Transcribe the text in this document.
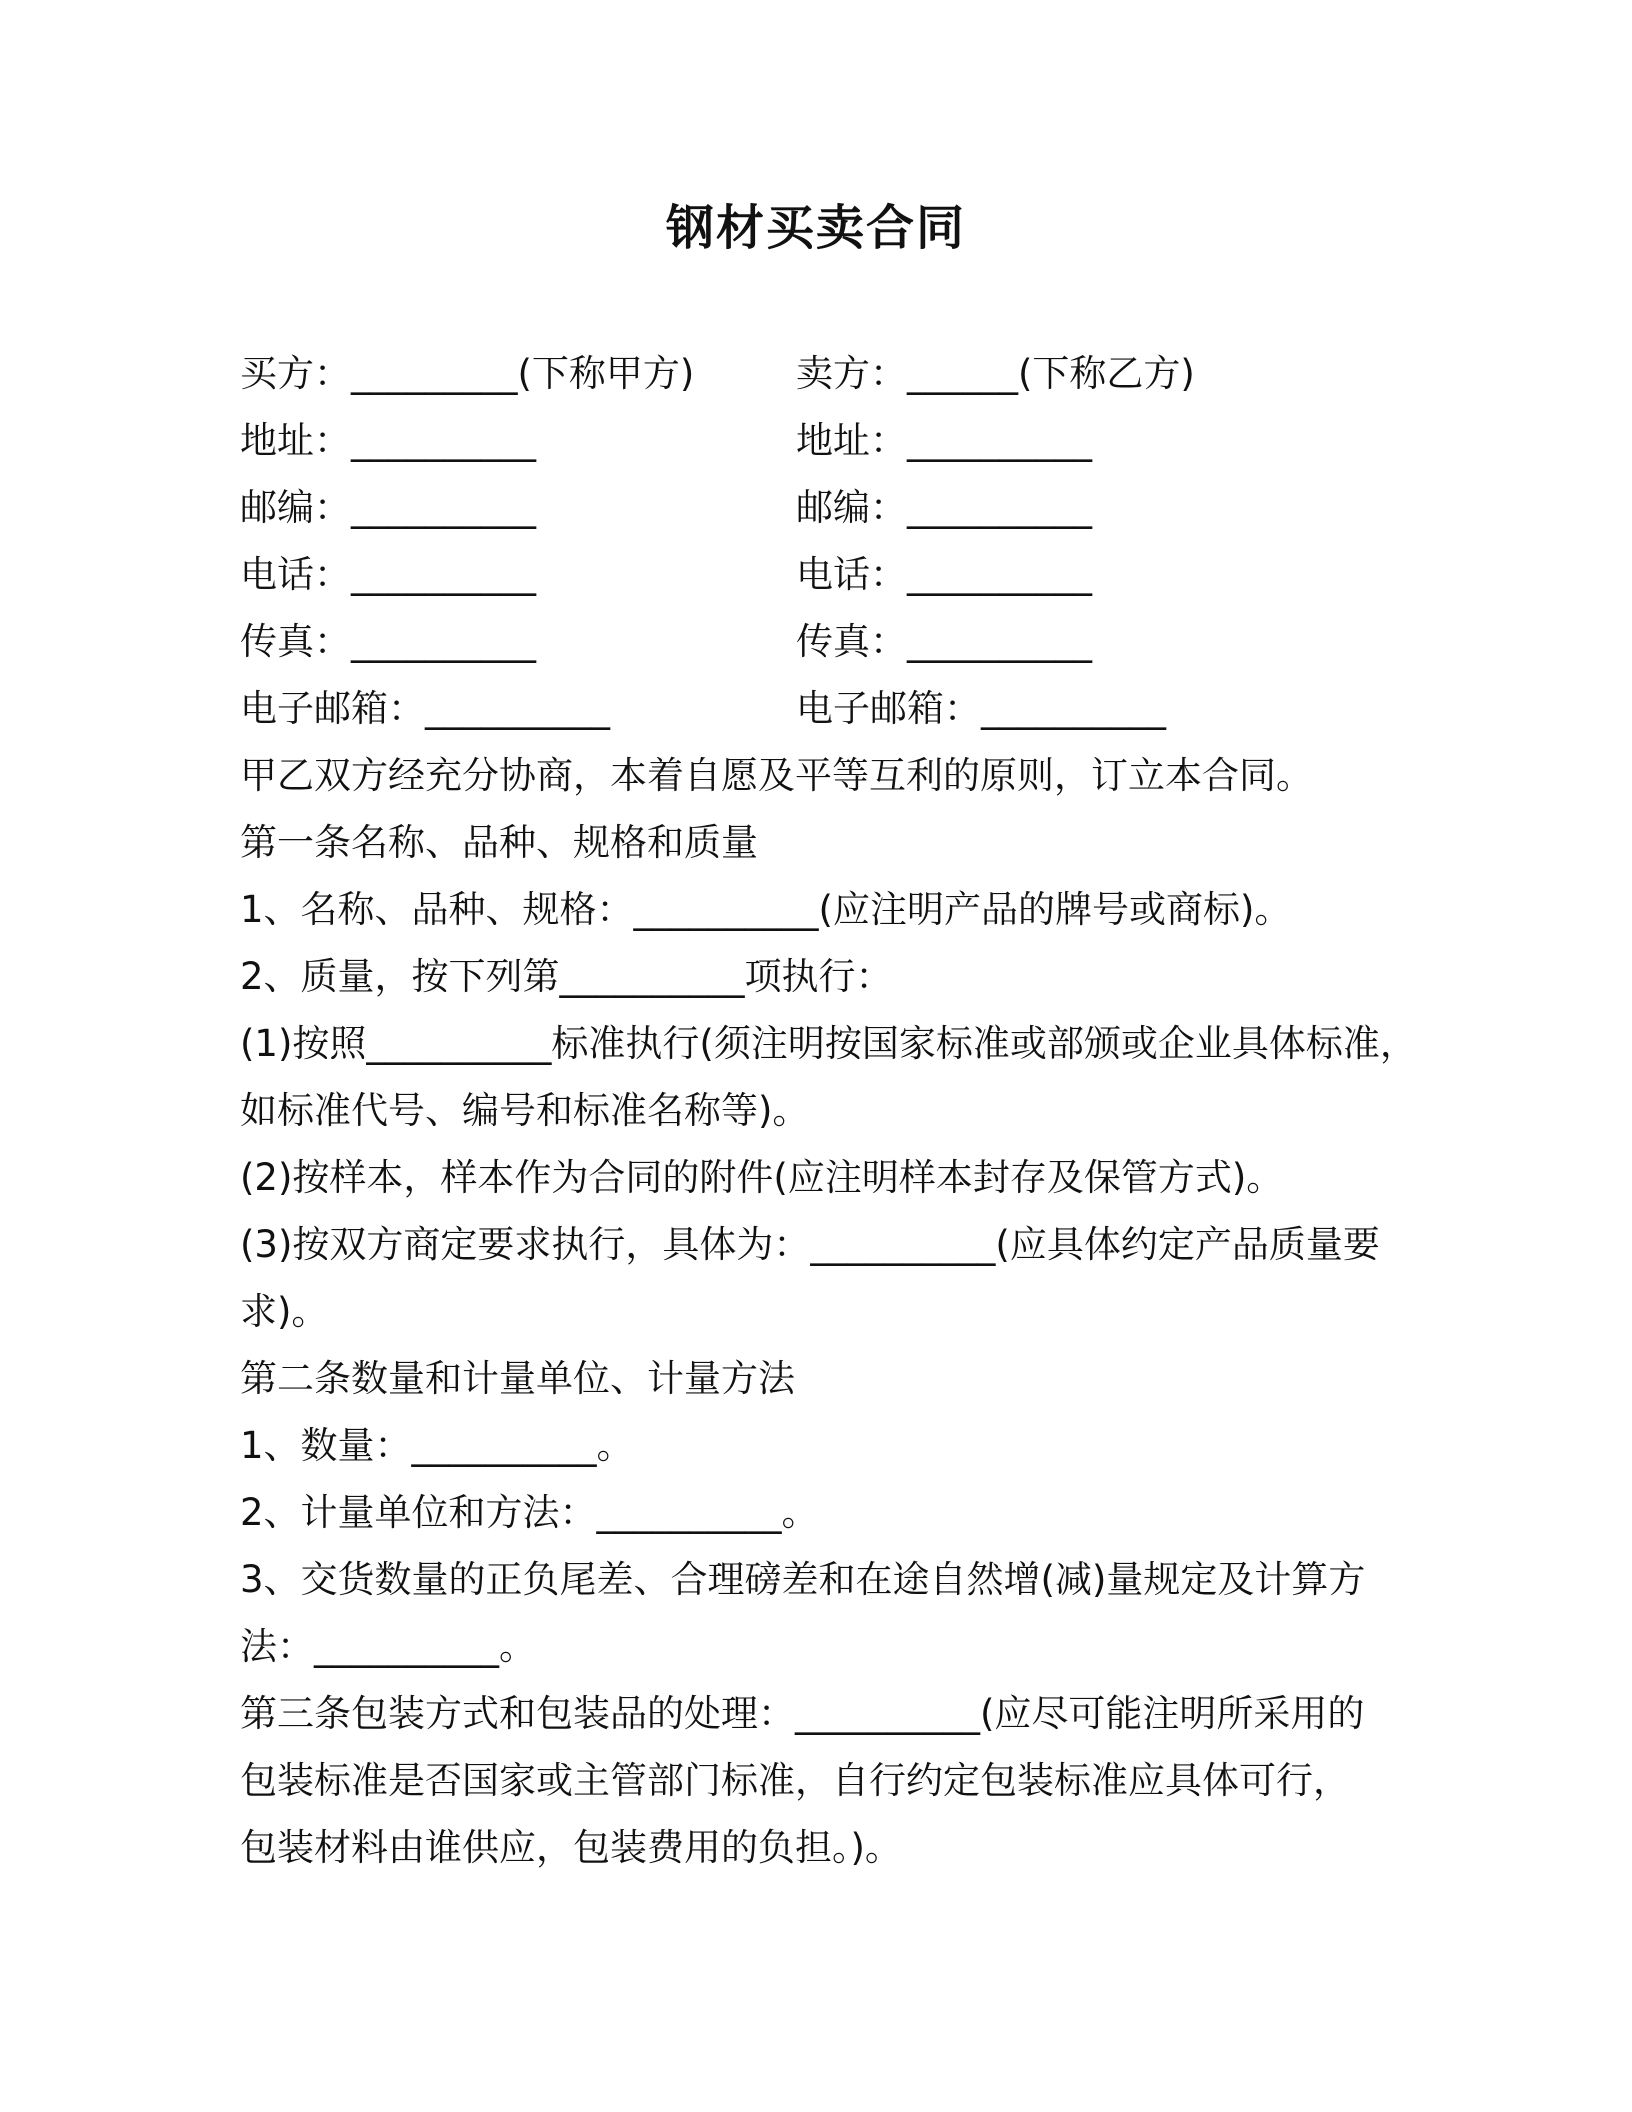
钢材买卖合同
买方：_________(下称甲方)	卖方：______(下称乙方)
地址：__________	地址：__________
邮编：__________	邮编：__________
电话：__________	电话：__________
传真：__________	传真：__________
电子邮箱：__________	电子邮箱：__________
甲乙双方经充分协商，本着自愿及平等互利的原则，订立本合同。
第一条名称、品种、规格和质量
1、名称、品种、规格：__________(应注明产品的牌号或商标)。
2、质量，按下列第__________项执行：
(1)按照__________标准执行(须注明按国家标准或部颁或企业具体标准，
如标准代号、编号和标准名称等)。
(2)按样本，样本作为合同的附件(应注明样本封存及保管方式)。
(3)按双方商定要求执行，具体为：__________(应具体约定产品质量要
求)。
第二条数量和计量单位、计量方法
1、数量：__________。
2、计量单位和方法：__________。
3、交货数量的正负尾差、合理磅差和在途自然增(减)量规定及计算方
法：__________。
第三条包装方式和包装品的处理：__________(应尽可能注明所采用的
包装标准是否国家或主管部门标准，自行约定包装标准应具体可行，
包装材料由谁供应，包装费用的负担。)。
